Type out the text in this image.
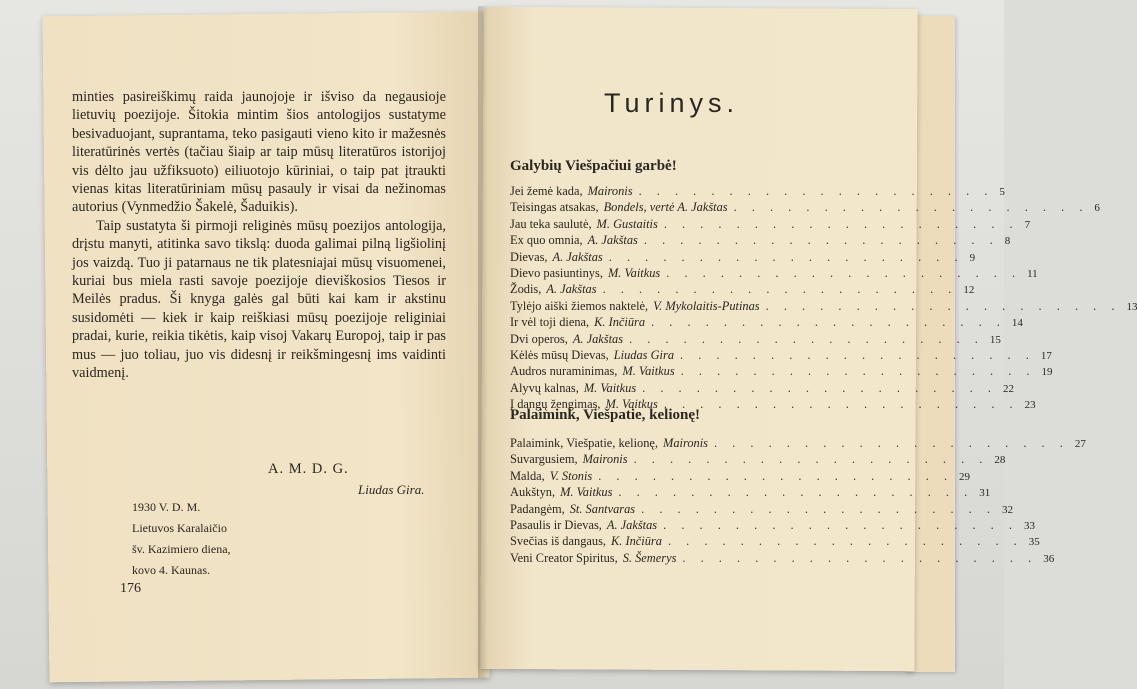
minties pasireiškimų raida jaunojoje ir išviso da negausioje lietuvių poezijoje. Šitokia mintim šios antologijos sustatyme besivaduojant, suprantama, teko pasigauti vieno kito ir mažesnės literatūrinės vertės (tačiau šiaip ar taip mūsų literatūros istorijoj vis dėlto jau užfiksuoto) eiliuotojo kūriniai, o taip pat įtraukti vienas kitas literatūriniam mūsų pasauly ir visai da nežinomas autorius (Vynmedžio Šakelė, Šaduikis).

Taip sustatyta ši pirmoji religinės mūsų poezijos antologija, drįstu manyti, atitinka savo tikslą: duoda galimai pilną ligšiolinį jos vaizdą. Tuo ji patarnaus ne tik platesniajai mūsų visuomenei, kuriai bus miela rasti savoje poezijoje dieviškosios Tiesos ir Meilės pradus. Ši knyga galės gal būti kai kam ir akstinu susidomėti — kiek ir kaip reiškiasi mūsų poezijoje religiniai pradai, kurie, reikia tikėtis, kaip visoj Vakarų Europoj, taip ir pas mus — juo toliau, juo vis didesnį ir reikšmingesnį ims vaidinti vaidmenį.

A. M. D. G.
Liudas Gira.
1930 V. D. M.
Lietuvos Karalaičio
šv. Kazimiero diena,
kovo 4. Kaunas.
176
Turinys.
Galybių Viešpačiui garbė!
Jei žemė kada, Maironis . . . . . . . . . . . . . . . . . . . . 5
Teisingas atsakas, Bondels, vertė A. Jakštas . . . . . . . . . . . . . . . . . . . . 6
Jau teka saulutė, M. Gustaitis . . . . . . . . . . . . . . . . . . . . 7
Ex quo omnia, A. Jakštas . . . . . . . . . . . . . . . . . . . . 8
Dievas, A. Jakštas . . . . . . . . . . . . . . . . . . . . 9
Dievo pasiuntinys, M. Vaitkus . . . . . . . . . . . . . . . . . . . . 11
Žodis, A. Jakštas . . . . . . . . . . . . . . . . . . . . 12
Tylėjo aiški žiemos naktelė, V. Mykolaitis-Putinas . . . . . . . . . . . . . . . . . . . . 13
Ir vėl toji diena, K. Inčiūra . . . . . . . . . . . . . . . . . . . . 14
Dvi operos, A. Jakštas . . . . . . . . . . . . . . . . . . . . 15
Kėlės mūsų Dievas, Liudas Gira . . . . . . . . . . . . . . . . . . . . 17
Audros nuraminimas, M. Vaitkus . . . . . . . . . . . . . . . . . . . . 19
Alyvų kalnas, M. Vaitkus . . . . . . . . . . . . . . . . . . . . 22
Į dangų žengimas, M. Vaitkus . . . . . . . . . . . . . . . . . . . . 23
Palaimink, Viešpatie, kelionę!
Palaimink, Viešpatie, kelionę, Maironis . . . . . . . . . . . . . . . . . . . . 27
Suvargusiem, Maironis . . . . . . . . . . . . . . . . . . . . 28
Malda, V. Stonis . . . . . . . . . . . . . . . . . . . . 29
Aukštyn, M. Vaitkus . . . . . . . . . . . . . . . . . . . . 31
Padangėm, St. Santvaras . . . . . . . . . . . . . . . . . . . . 32
Pasaulis ir Dievas, A. Jakštas . . . . . . . . . . . . . . . . . . . . 33
Svečias iš dangaus, K. Inčiūra . . . . . . . . . . . . . . . . . . . . 35
Veni Creator Spiritus, S. Šemerys . . . . . . . . . . . . . . . . . . . . 36
